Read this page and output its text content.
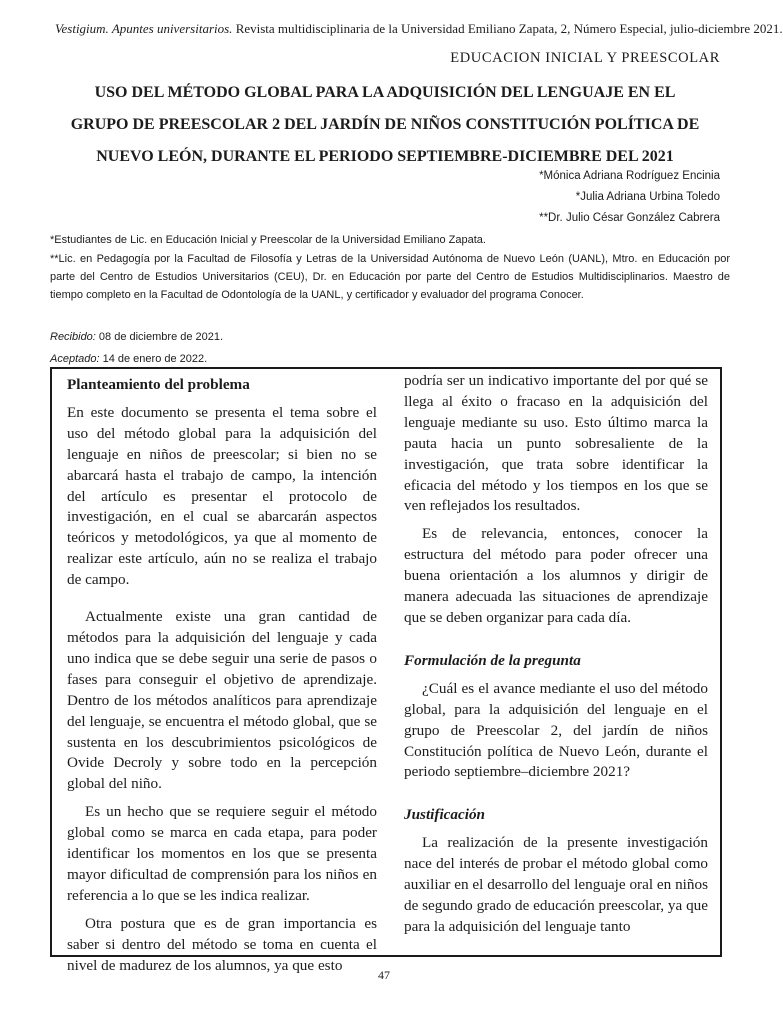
Vestigium. Apuntes universitarios. Revista multidisciplinaria de la Universidad Emiliano Zapata, 2, Número Especial, julio-diciembre 2021.
EDUCACION INICIAL Y PREESCOLAR
USO DEL MÉTODO GLOBAL PARA LA ADQUISICIÓN DEL LENGUAJE EN EL
GRUPO DE PREESCOLAR 2 DEL JARDÍN DE NIÑOS CONSTITUCIÓN POLÍTICA DE
NUEVO LEÓN, DURANTE EL PERIODO SEPTIEMBRE-DICIEMBRE DEL 2021
*Mónica Adriana Rodríguez Encinia
*Julia Adriana Urbina Toledo
**Dr. Julio César González Cabrera
*Estudiantes de Lic. en Educación Inicial y Preescolar de la Universidad Emiliano Zapata.
**Lic. en Pedagogía por la Facultad de Filosofía y Letras de la Universidad Autónoma de Nuevo León (UANL), Mtro. en Educación por parte del Centro de Estudios Universitarios (CEU), Dr. en Educación por parte del Centro de Estudios Multidisciplinarios. Maestro de tiempo completo en la Facultad de Odontología de la UANL, y certificador y evaluador del programa Conocer.
Recibido: 08 de diciembre de 2021.
Aceptado: 14 de enero de 2022.

Planteamiento del problema

En este documento se presenta el tema sobre el uso del método global para la adquisición del lenguaje en niños de preescolar; si bien no se abarcará hasta el trabajo de campo, la intención del artículo es presentar el protocolo de investigación, en el cual se abarcarán aspectos teóricos y metodológicos, ya que al momento de realizar este artículo, aún no se realiza el trabajo de campo.

Actualmente existe una gran cantidad de métodos para la adquisición del lenguaje y cada uno indica que se debe seguir una serie de pasos o fases para conseguir el objetivo de aprendizaje. Dentro de los métodos analíticos para aprendizaje del lenguaje, se encuentra el método global, que se sustenta en los descubrimientos psicológicos de Ovide Decroly y sobre todo en la percepción global del niño.

Es un hecho que se requiere seguir el método global como se marca en cada etapa, para poder identificar los momentos en los que se presenta mayor dificultad de comprensión para los niños en referencia a lo que se les indica realizar.

Otra postura que es de gran importancia es saber si dentro del método se toma en cuenta el nivel de madurez de los alumnos, ya que esto

podría ser un indicativo importante del por qué se llega al éxito o fracaso en la adquisición del lenguaje mediante su uso. Esto último marca la pauta hacia un punto sobresaliente de la investigación, que trata sobre identificar la eficacia del método y los tiempos en los que se ven reflejados los resultados.

Es de relevancia, entonces, conocer la estructura del método para poder ofrecer una buena orientación a los alumnos y dirigir de manera adecuada las situaciones de aprendizaje que se deben organizar para cada día.

Formulación de la pregunta

¿Cuál es el avance mediante el uso del método global, para la adquisición del lenguaje en el grupo de Preescolar 2, del jardín de niños Constitución política de Nuevo León, durante el periodo septiembre–diciembre 2021?

Justificación

La realización de la presente investigación nace del interés de probar el método global como auxiliar en el desarrollo del lenguaje oral en niños de segundo grado de educación preescolar, ya que para la adquisición del lenguaje tanto

47
